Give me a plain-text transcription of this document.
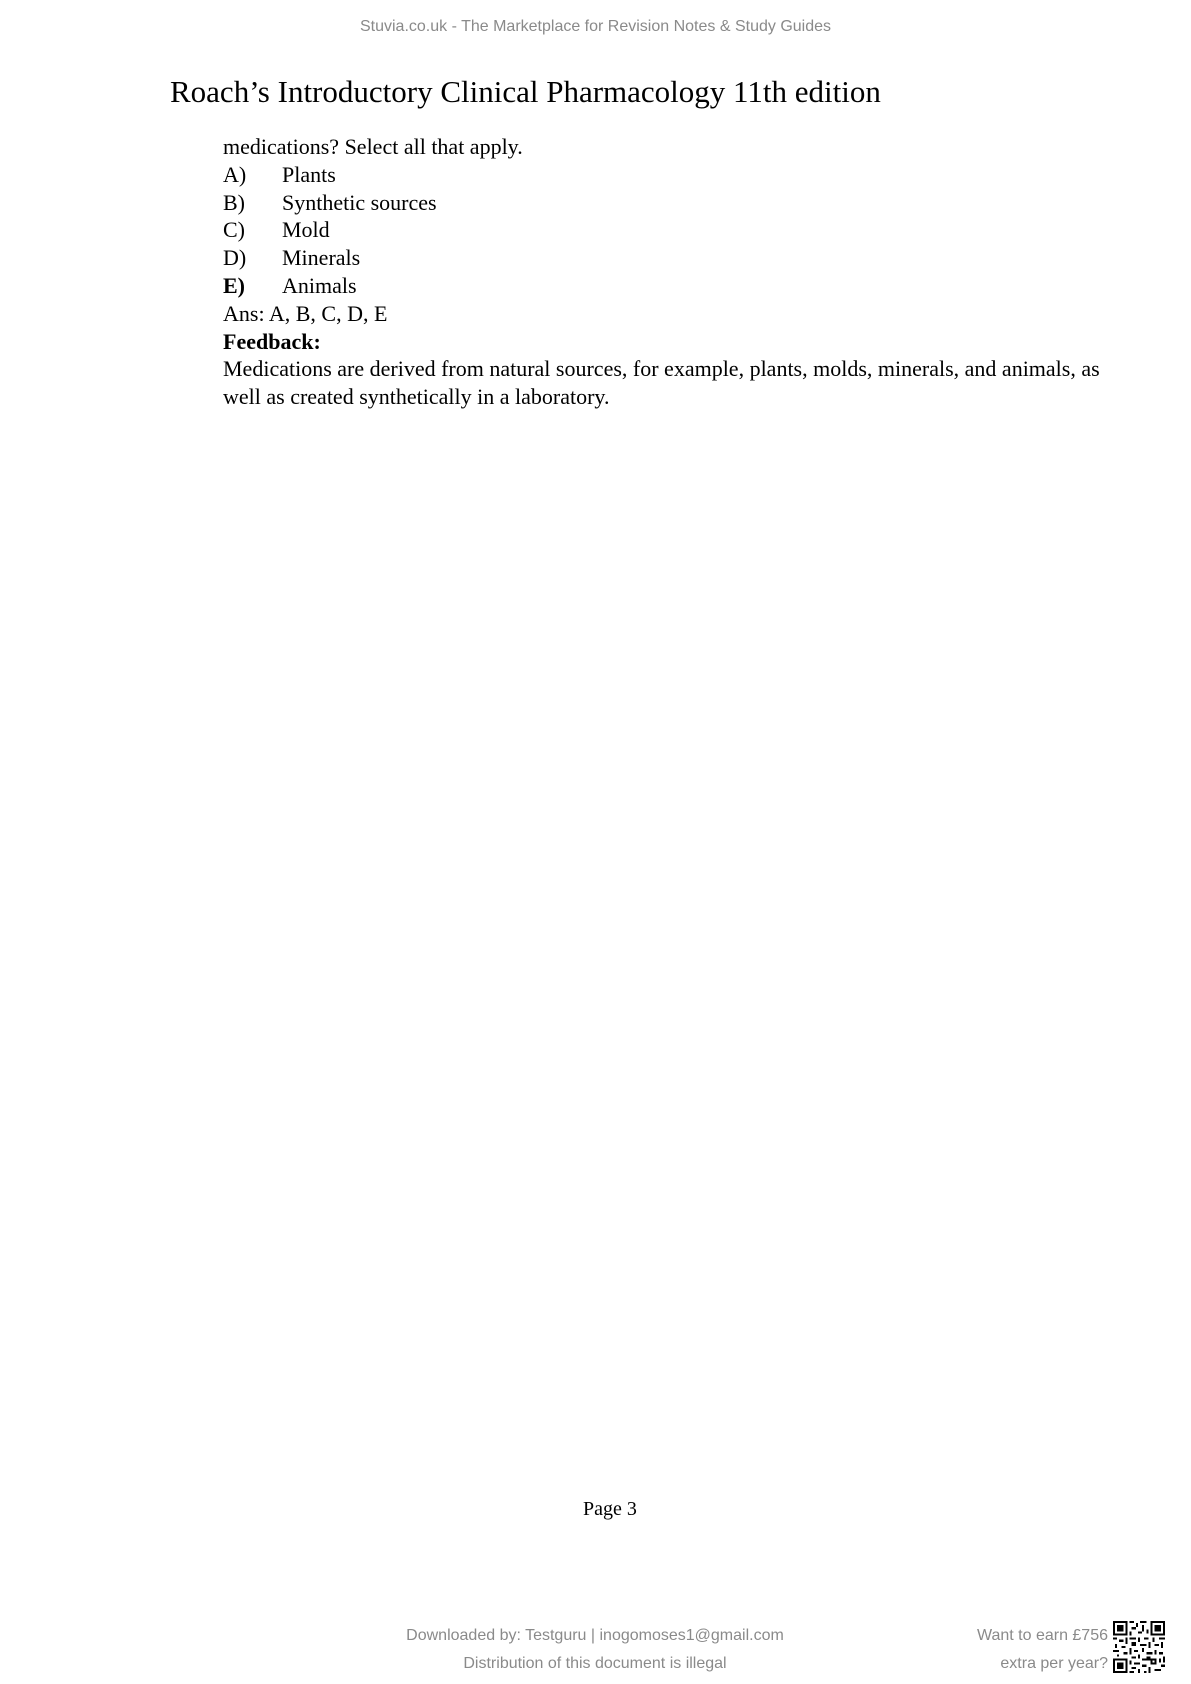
Stuvia.co.uk - The Marketplace for Revision Notes & Study Guides
Roach’s Introductory Clinical Pharmacology 11th edition
medications? Select all that apply.
A)	Plants
B)	Synthetic sources
C)	Mold
D)	Minerals
E)	Animals
Ans: A, B, C, D, E
Feedback:
Medications are derived from natural sources, for example, plants, molds, minerals, and animals, as well as created synthetically in a laboratory.
Page 3
Downloaded by: Testguru | inogomoses1@gmail.com
Distribution of this document is illegal
Want to earn £756
extra per year?
